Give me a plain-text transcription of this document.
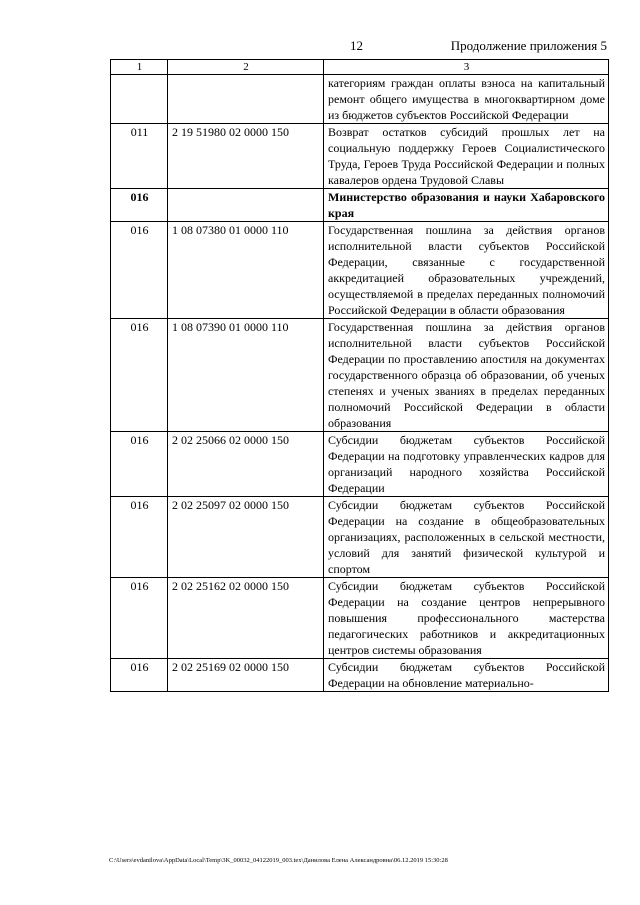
12	Продолжение приложения 5
1	2	3
		категориям граждан оплаты взноса на капитальный ремонт общего имущества в многоквартирном доме из бюджетов субъектов Российской Федерации
011	2 19 51980 02 0000 150	Возврат остатков субсидий прошлых лет на социальную поддержку Героев Социалистического Труда, Героев Труда Российской Федерации и полных кавалеров ордена Трудовой Славы
016		Министерство образования и науки Хабаровского края
016	1 08 07380 01 0000 110	Государственная пошлина за действия органов исполнительной власти субъектов Российской Федерации, связанные с государственной аккредитацией образовательных учреждений, осуществляемой в пределах переданных полномочий Российской Федерации в области образования
016	1 08 07390 01 0000 110	Государственная пошлина за действия органов исполнительной власти субъектов Российской Федерации по проставлению апостиля на документах государственного образца об образовании, об ученых степенях и ученых званиях в пределах переданных полномочий Российской Федерации в области образования
016	2 02 25066 02 0000 150	Субсидии бюджетам субъектов Российской Федерации на подготовку управленческих кадров для организаций народного хозяйства Российской Федерации
016	2 02 25097 02 0000 150	Субсидии бюджетам субъектов Российской Федерации на создание в общеобразовательных организациях, расположенных в сельской местности, условий для занятий физической культурой и спортом
016	2 02 25162 02 0000 150	Субсидии бюджетам субъектов Российской Федерации на создание центров непрерывного повышения профессионального мастерства педагогических работников и аккредитационных центров системы образования
016	2 02 25169 02 0000 150	Субсидии бюджетам субъектов Российской Федерации на обновление материально-
C:\Users\evdanilova\AppData\Local\Temp\3K_00032_04122019_003.tex\Данилова Елена Александровна\06.12.2019 15:30:28
